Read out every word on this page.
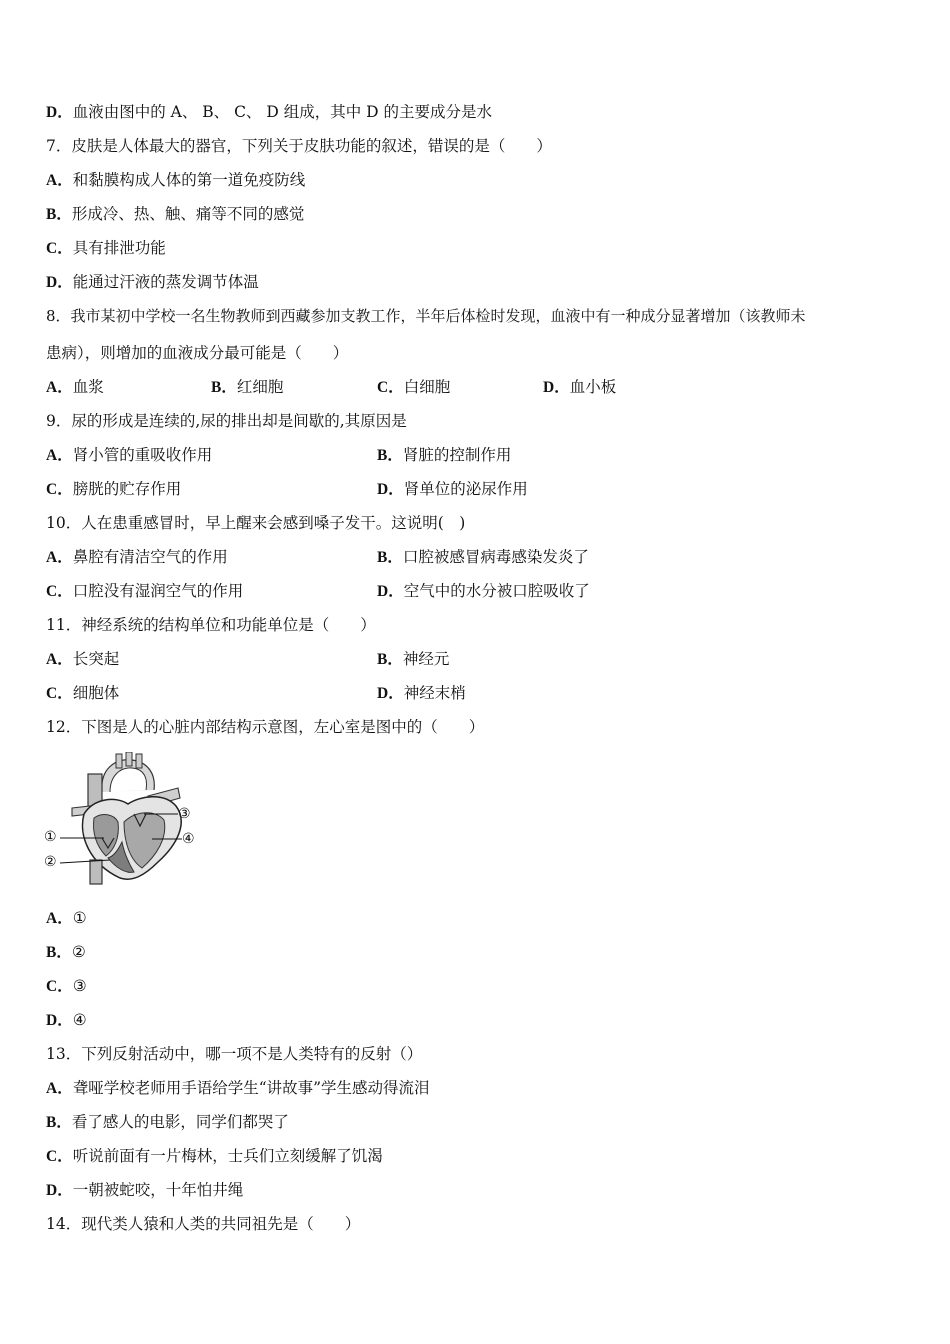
D．血液由图中的 A、 B、 C、 D 组成，其中 D 的主要成分是水
7．皮肤是人体最大的器官，下列关于皮肤功能的叙述，错误的是（　　）
A．和黏膜构成人体的第一道免疫防线
B．形成冷、热、触、痛等不同的感觉
C．具有排泄功能
D．能通过汗液的蒸发调节体温
8．我市某初中学校一名生物教师到西藏参加支教工作，半年后体检时发现，血液中有一种成分显著增加（该教师未
患病），则增加的血液成分最可能是（　　）
A．血浆	B．红细胞	C．白细胞	D．血小板
9．尿的形成是连续的,尿的排出却是间歇的,其原因是
A．肾小管的重吸收作用	B．肾脏的控制作用
C．膀胱的贮存作用	D．肾单位的泌尿作用
10．人在患重感冒时，早上醒来会感到嗓子发干。这说明(　)
A．鼻腔有清洁空气的作用	B．口腔被感冒病毒感染发炎了
C．口腔没有湿润空气的作用	D．空气中的水分被口腔吸收了
11．神经系统的结构单位和功能单位是（　　）
A．长突起	B．神经元
C．细胞体	D．神经末梢
12．下图是人的心脏内部结构示意图，左心室是图中的（　　）
①
②
③
④
A．①
B．②
C．③
D．④
13．下列反射活动中，哪一项不是人类特有的反射（）
A．聋哑学校老师用手语给学生“讲故事”学生感动得流泪
B．看了感人的电影，同学们都哭了
C．听说前面有一片梅林，士兵们立刻缓解了饥渴
D．一朝被蛇咬，十年怕井绳
14．现代类人猿和人类的共同祖先是（　　）
